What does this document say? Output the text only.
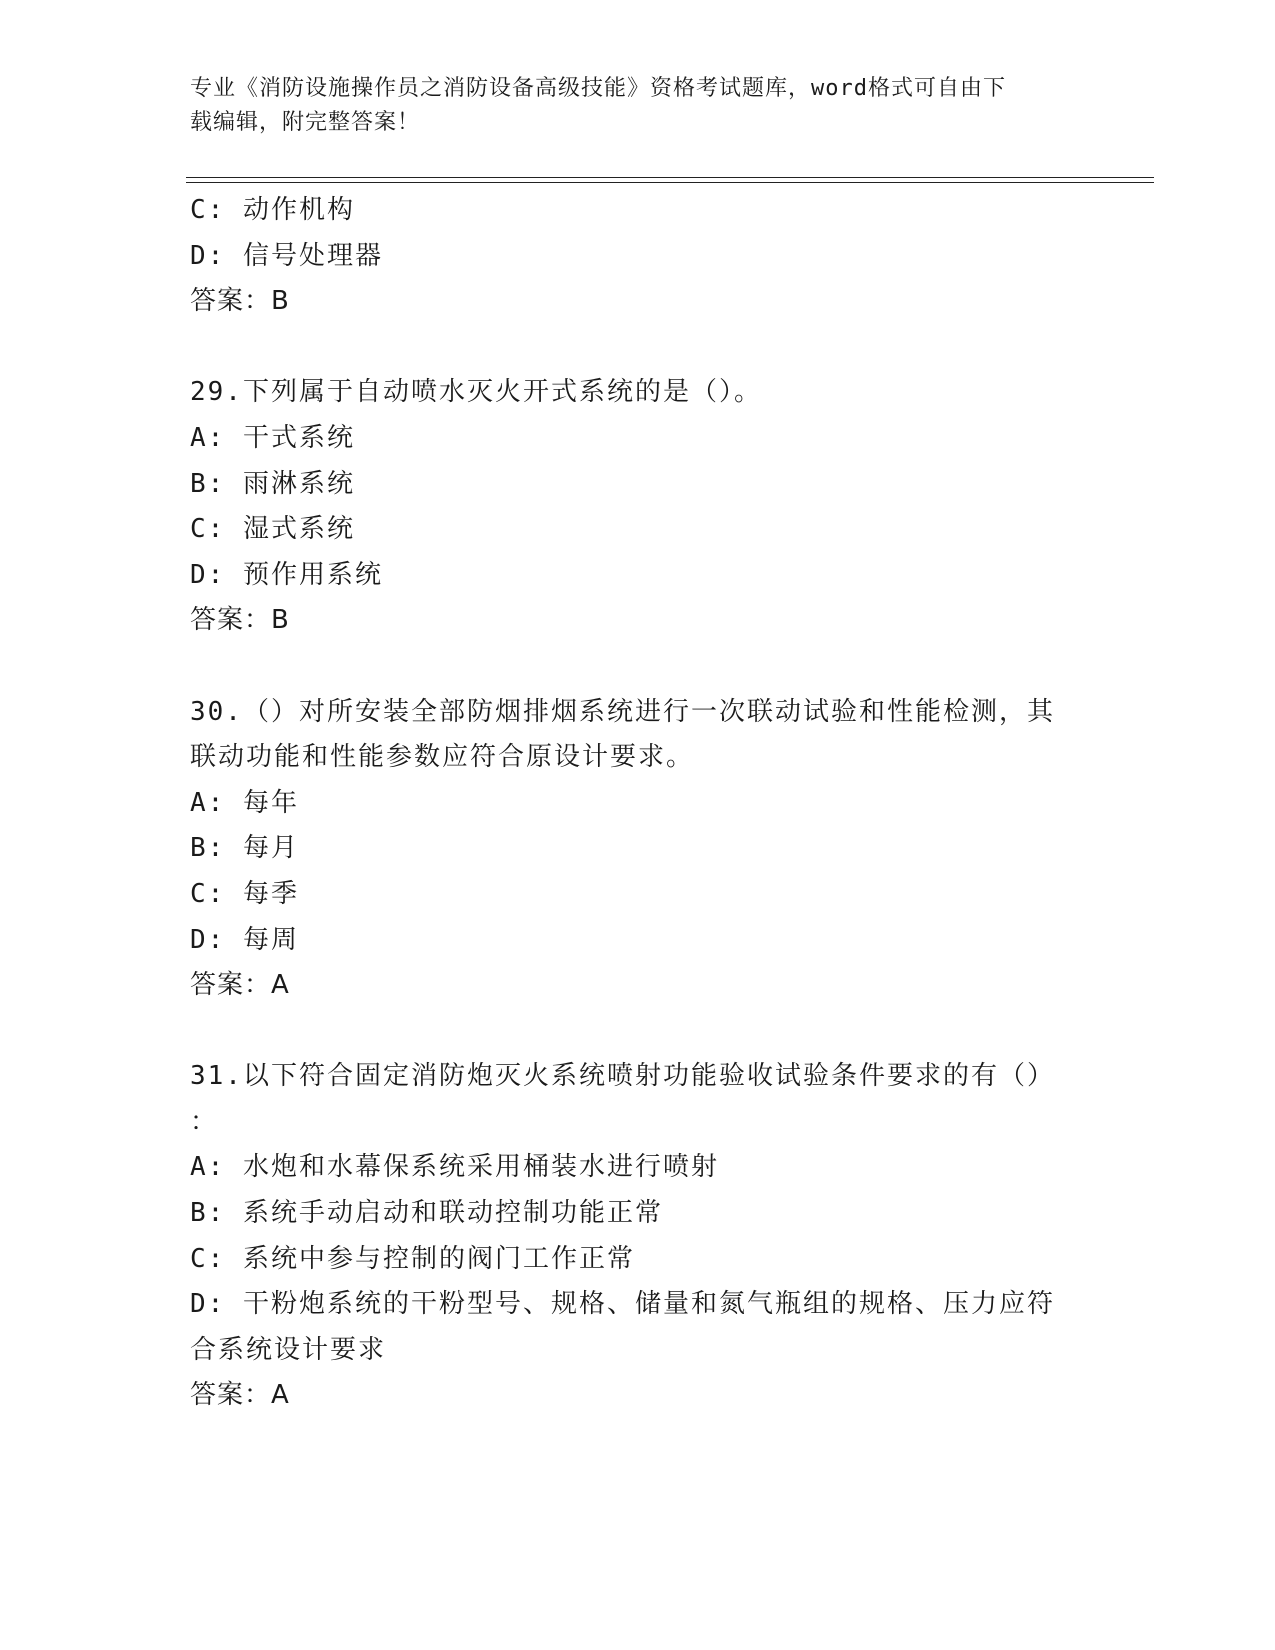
专业《消防设施操作员之消防设备高级技能》资格考试题库，word格式可自由下
载编辑，附完整答案！
C: 动作机构
D: 信号处理器
答案：B
29.下列属于自动喷水灭火开式系统的是（）。
A: 干式系统
B: 雨淋系统
C: 湿式系统
D: 预作用系统
答案：B
30.（）对所安装全部防烟排烟系统进行一次联动试验和性能检测，其
联动功能和性能参数应符合原设计要求。
A: 每年
B: 每月
C: 每季
D: 每周
答案：A
31.以下符合固定消防炮灭火系统喷射功能验收试验条件要求的有（）
：
A: 水炮和水幕保系统采用桶装水进行喷射
B: 系统手动启动和联动控制功能正常
C: 系统中参与控制的阀门工作正常
D: 干粉炮系统的干粉型号、规格、储量和氮气瓶组的规格、压力应符
合系统设计要求
答案：A
